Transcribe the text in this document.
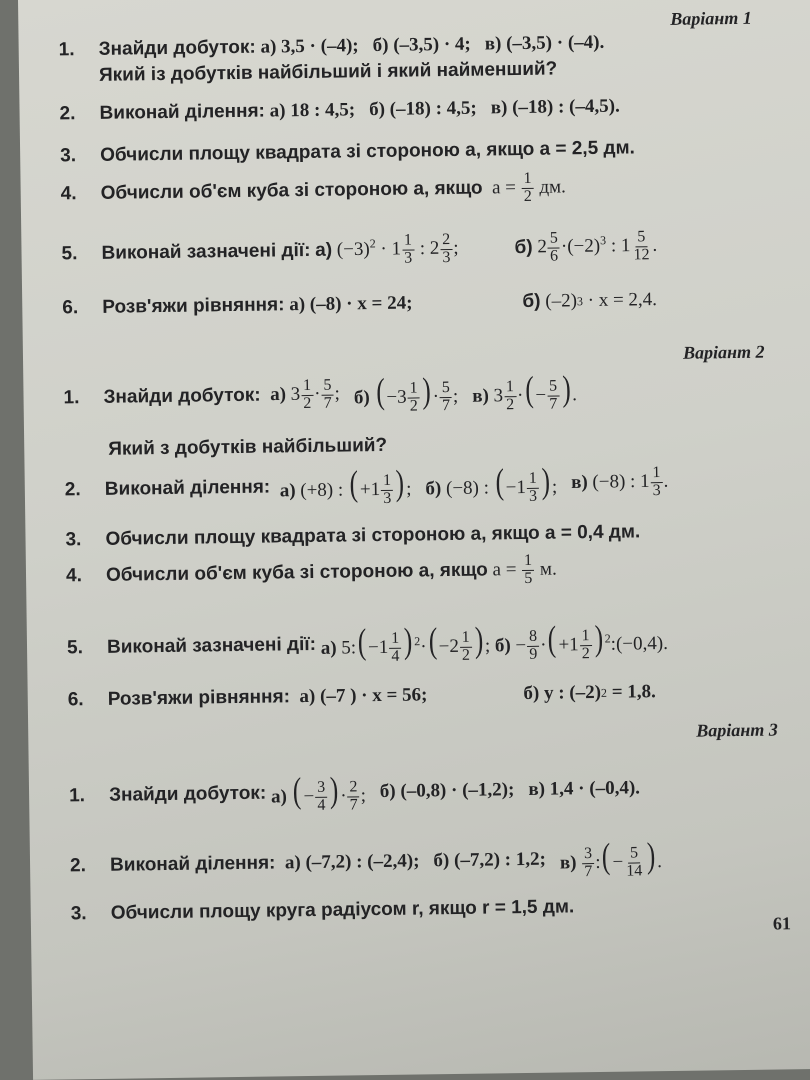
Варіант 1
1.	Знайди добуток:
а) 3,5 · (–4); б) (–3,5) · 4; в) (–3,5) · (–4).
Який із добутків найбільший і який найменший?
2.	Виконай ділення:
а) 18 : 4,5; б) (–18) : 4,5; в) (–18) : (–4,5).
3.	Обчисли площу квадрата зі стороною a, якщо a = 2,5 дм.
4.	Обчисли об'єм куба зі стороною a, якщо
a =
$\frac{1}{2}$
дм.
5.	Виконай зазначені дії:
а)
$(-3)^2 \cdot 1 \frac{1}{3}$ : $2 \frac{2}{3}$ ;	б)
$2 \frac{5}{6} \cdot(-2)^3$ : $1 \frac{5}{12}$ .
6.	Розв'яжи рівняння:
а) (–8) · x = 24;	б)
(–2) 3
· x = 2,4.
Варіант 2
1.	Знайди добуток:
а) $3 \frac{1}{2} \cdot \frac{5}{7}$ ; б) ($-3 \frac{1}{2}$ )· $\frac{5}{7}$ ; в) $3 \frac{1}{2}$ ·(− $\frac{5}{7}$ ).
Який з добутків найбільший?
2.	Виконай ділення:
а) (+8) : ($+1 \frac{1}{3}$ ); б) (−8) : ($-1 \frac{1}{3}$ ); в) (−8) : $1 \frac{1}{3}$ .
3.	Обчисли площу квадрата зі стороною a, якщо a = 0,4 дм.
4.	Обчисли об'єм куба зі стороною a, якщо
a =
$\frac{1}{5}$
м.
5.	Виконай зазначені дії:
а) 5:(−1 $\frac{1}{4} )^2\cdot(-2 \frac{1}{2}$ );
$б) - \frac{8}{9} \cdot(+1 \frac{1}{2}$ )$^2:(-0,4)$.
6.	Розв'яжи рівняння:
а) (–7 ) · x = 56;	б) y : (–2) 2
= 1,8.
Варіант 3
1.	Знайди добуток:
а) (− $\frac{3}{4}$ )· $\frac{2}{7}$ ; б) (–0,8) · (–1,2); в) 1,4 · (–0,4).
2.	Виконай ділення:
а) (–7,2) : (–2,4); б) (–7,2) : 1,2; $в) \frac{3}{7}$ :(− $\frac{5}{14}$ ).
3.	Обчисли площу круга радіусом r, якщо r = 1,5 дм.	61
